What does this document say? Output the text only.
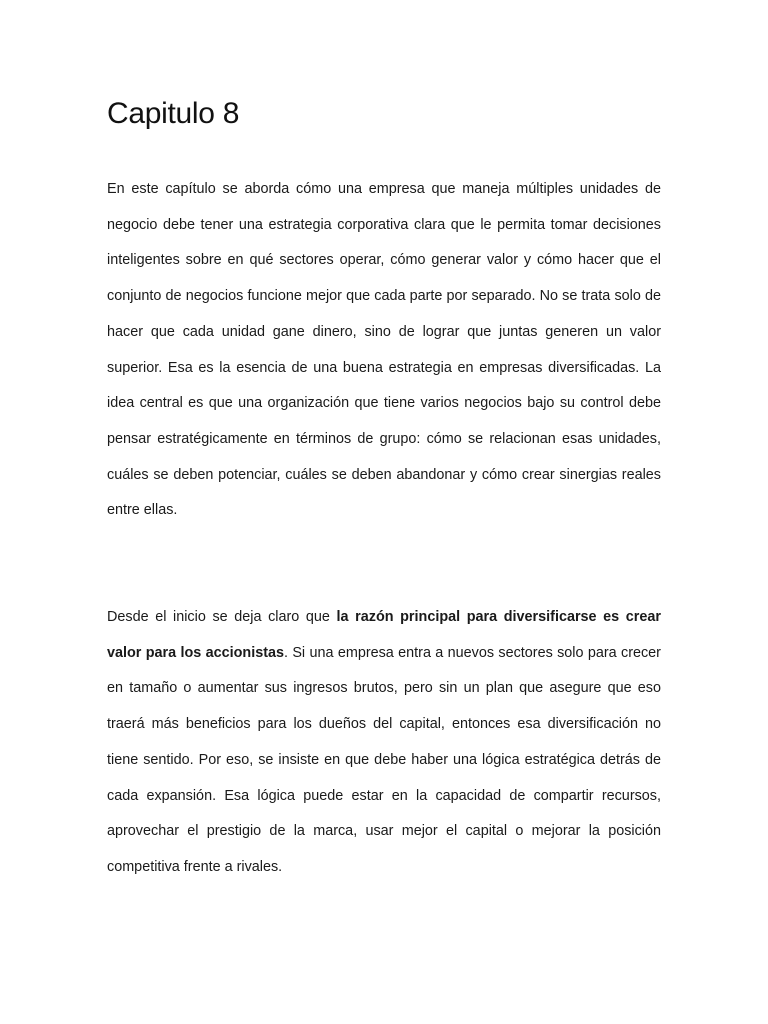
Capitulo 8

En este capítulo se aborda cómo una empresa que maneja múltiples unidades de negocio debe tener una estrategia corporativa clara que le permita tomar decisiones inteligentes sobre en qué sectores operar, cómo generar valor y cómo hacer que el conjunto de negocios funcione mejor que cada parte por separado. No se trata solo de hacer que cada unidad gane dinero, sino de lograr que juntas generen un valor superior. Esa es la esencia de una buena estrategia en empresas diversificadas. La idea central es que una organización que tiene varios negocios bajo su control debe pensar estratégicamente en términos de grupo: cómo se relacionan esas unidades, cuáles se deben potenciar, cuáles se deben abandonar y cómo crear sinergias reales entre ellas.

Desde el inicio se deja claro que la razón principal para diversificarse es crear valor para los accionistas. Si una empresa entra a nuevos sectores solo para crecer en tamaño o aumentar sus ingresos brutos, pero sin un plan que asegure que eso traerá más beneficios para los dueños del capital, entonces esa diversificación no tiene sentido. Por eso, se insiste en que debe haber una lógica estratégica detrás de cada expansión. Esa lógica puede estar en la capacidad de compartir recursos, aprovechar el prestigio de la marca, usar mejor el capital o mejorar la posición competitiva frente a rivales.
